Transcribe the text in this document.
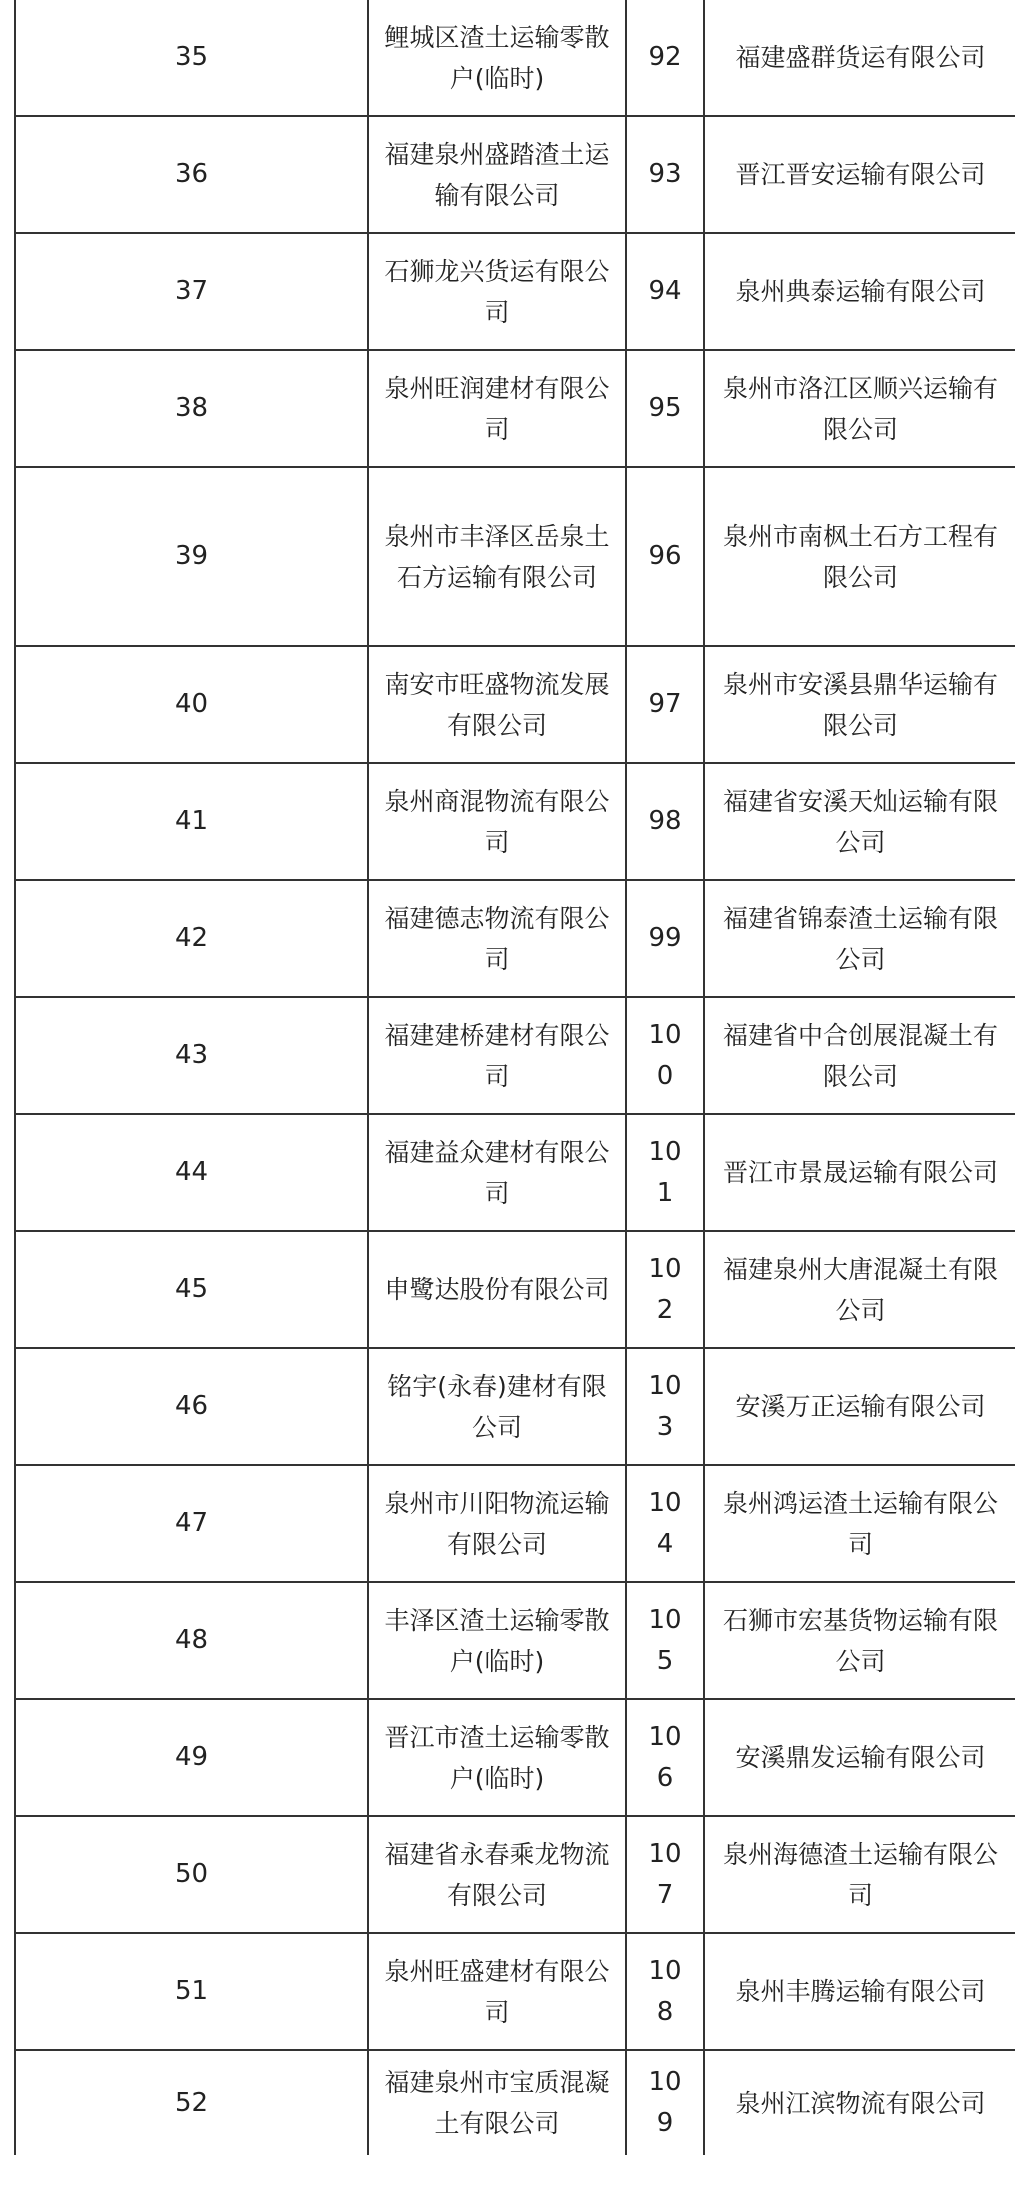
35	鲤城区渣土运输零散户(临时)	92	福建盛群货运有限公司
36	福建泉州盛踏渣土运输有限公司	93	晋江晋安运输有限公司
37	石狮龙兴货运有限公司	94	泉州典泰运输有限公司
38	泉州旺润建材有限公司	95	泉州市洛江区顺兴运输有限公司
39	泉州市丰泽区岳泉土石方运输有限公司	96	泉州市南枫土石方工程有限公司
40	南安市旺盛物流发展有限公司	97	泉州市安溪县鼎华运输有限公司
41	泉州商混物流有限公司	98	福建省安溪天灿运输有限公司
42	福建德志物流有限公司	99	福建省锦泰渣土运输有限公司
43	福建建桥建材有限公司	100	福建省中合创展混凝土有限公司
44	福建益众建材有限公司	101	晋江市景晟运输有限公司
45	申鹭达股份有限公司	102	福建泉州大唐混凝土有限公司
46	铭宇(永春)建材有限公司	103	安溪万正运输有限公司
47	泉州市川阳物流运输有限公司	104	泉州鸿运渣土运输有限公司
48	丰泽区渣土运输零散户(临时)	105	石狮市宏基货物运输有限公司
49	晋江市渣土运输零散户(临时)	106	安溪鼎发运输有限公司
50	福建省永春乘龙物流有限公司	107	泉州海德渣土运输有限公司
51	泉州旺盛建材有限公司	108	泉州丰腾运输有限公司
52	福建泉州市宝质混凝土有限公司	109	泉州江滨物流有限公司
